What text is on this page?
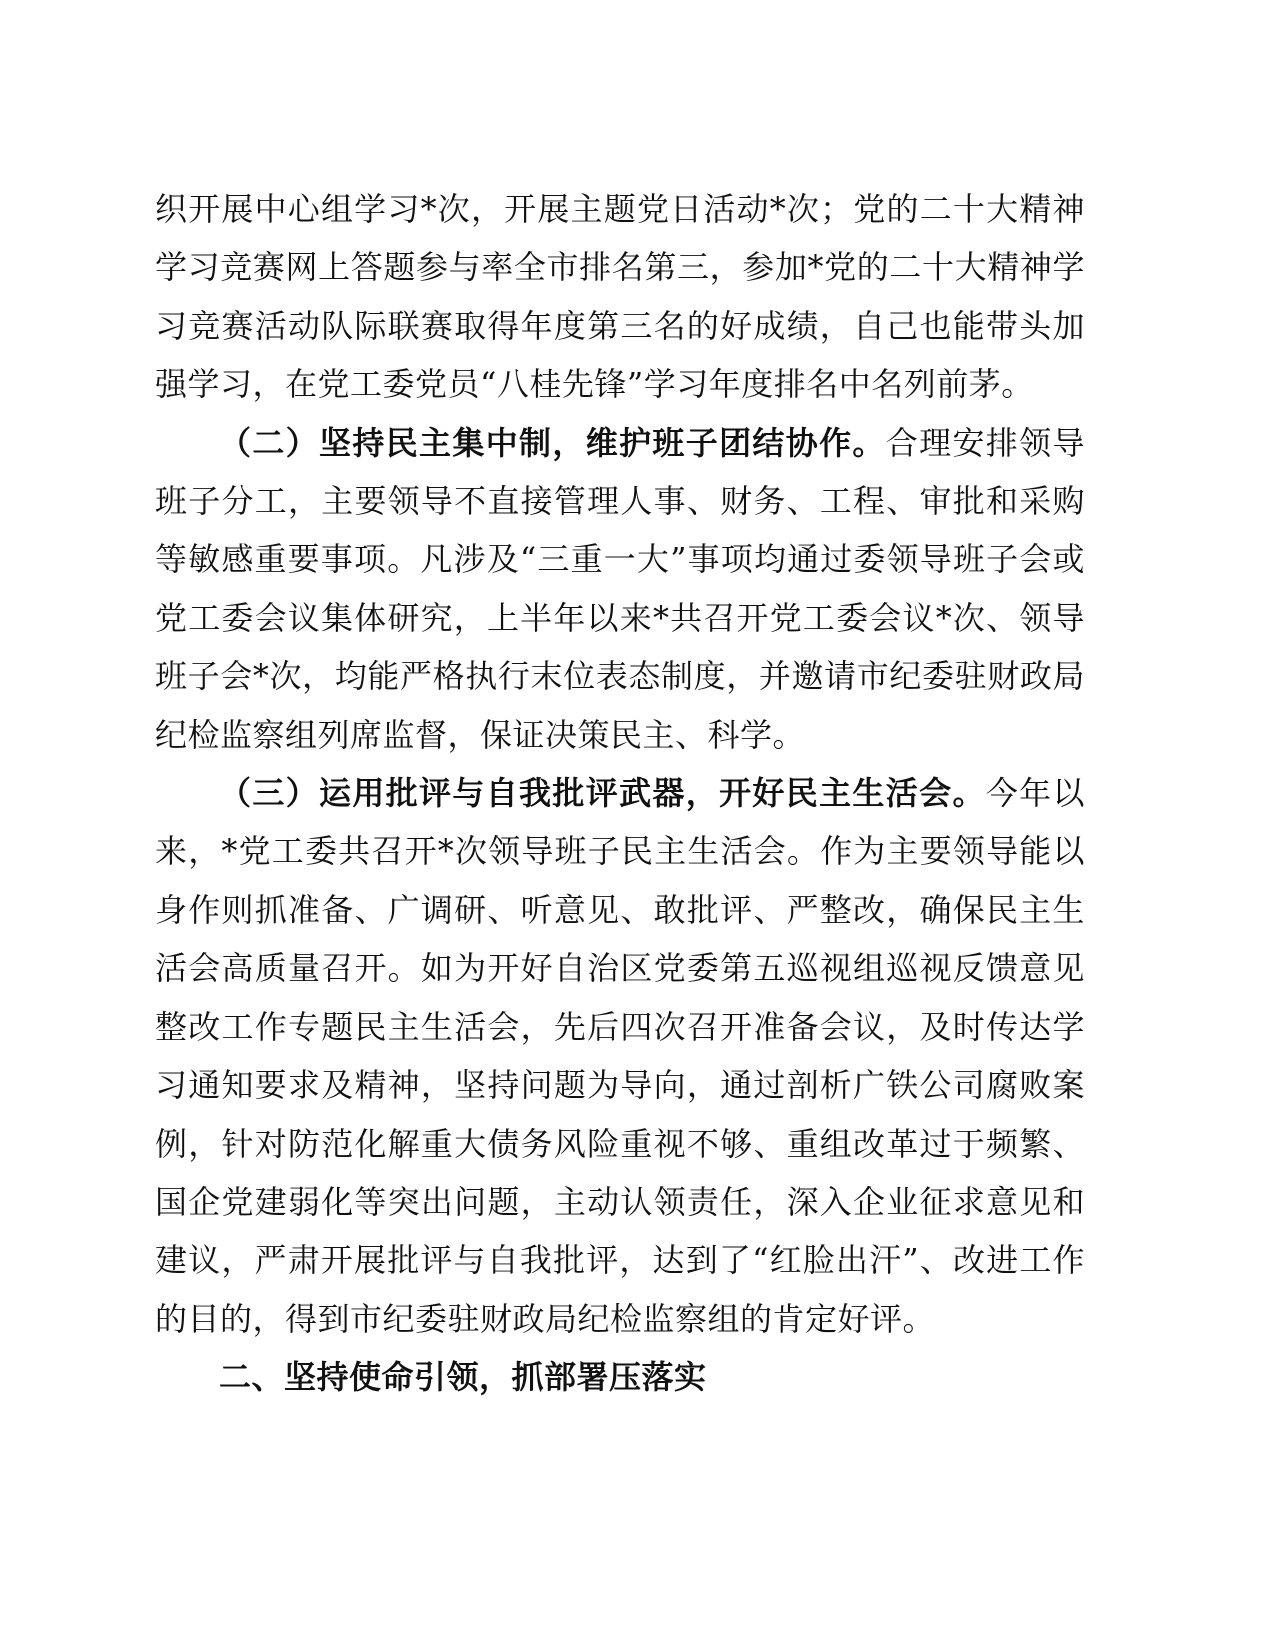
织开展中心组学习*次，开展主题党日活动*次；党的二十大精神学习竞赛网上答题参与率全市排名第三，参加*党的二十大精神学习竞赛活动队际联赛取得年度第三名的好成绩，自己也能带头加强学习，在党工委党员“八桂先锋”学习年度排名中名列前茅。

（二）坚持民主集中制，维护班子团结协作。合理安排领导班子分工，主要领导不直接管理人事、财务、工程、审批和采购等敏感重要事项。凡涉及“三重一大”事项均通过委领导班子会或党工委会议集体研究，上半年以来*共召开党工委会议*次、领导班子会*次，均能严格执行末位表态制度，并邀请市纪委驻财政局纪检监察组列席监督，保证决策民主、科学。

（三）运用批评与自我批评武器，开好民主生活会。今年以来，*党工委共召开*次领导班子民主生活会。作为主要领导能以身作则抓准备、广调研、听意见、敢批评、严整改，确保民主生活会高质量召开。如为开好自治区党委第五巡视组巡视反馈意见整改工作专题民主生活会，先后四次召开准备会议，及时传达学习通知要求及精神，坚持问题为导向，通过剖析广铁公司腐败案例，针对防范化解重大债务风险重视不够、重组改革过于频繁、国企党建弱化等突出问题，主动认领责任，深入企业征求意见和建议，严肃开展批评与自我批评，达到了“红脸出汗”、改进工作的目的，得到市纪委驻财政局纪检监察组的肯定好评。

二、坚持使命引领，抓部署压落实
